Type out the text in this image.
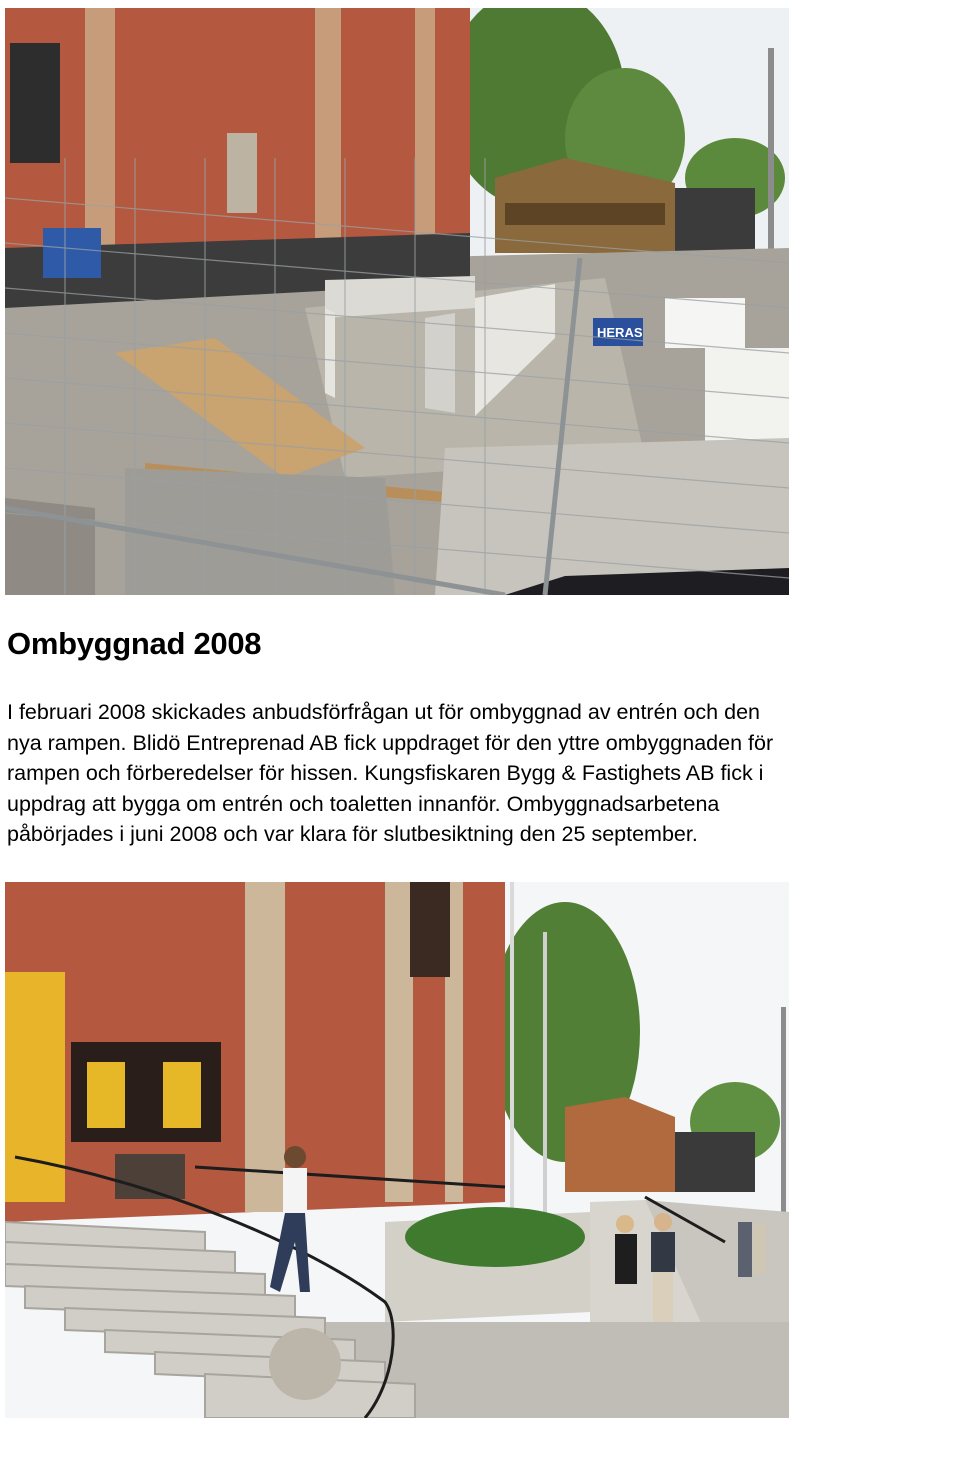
HERAS
Ombyggnad 2008

I februari 2008 skickades anbudsförfrågan ut för ombyggnad av entrén och den
nya rampen. Blidö Entreprenad AB fick uppdraget för den yttre ombyggnaden för
rampen och förberedelser för hissen. Kungsfiskaren Bygg & Fastighets AB fick i
uppdrag att bygga om entrén och toaletten innanför. Ombyggnadsarbetena
påbörjades i juni 2008 och var klara för slutbesiktning den 25 september.
